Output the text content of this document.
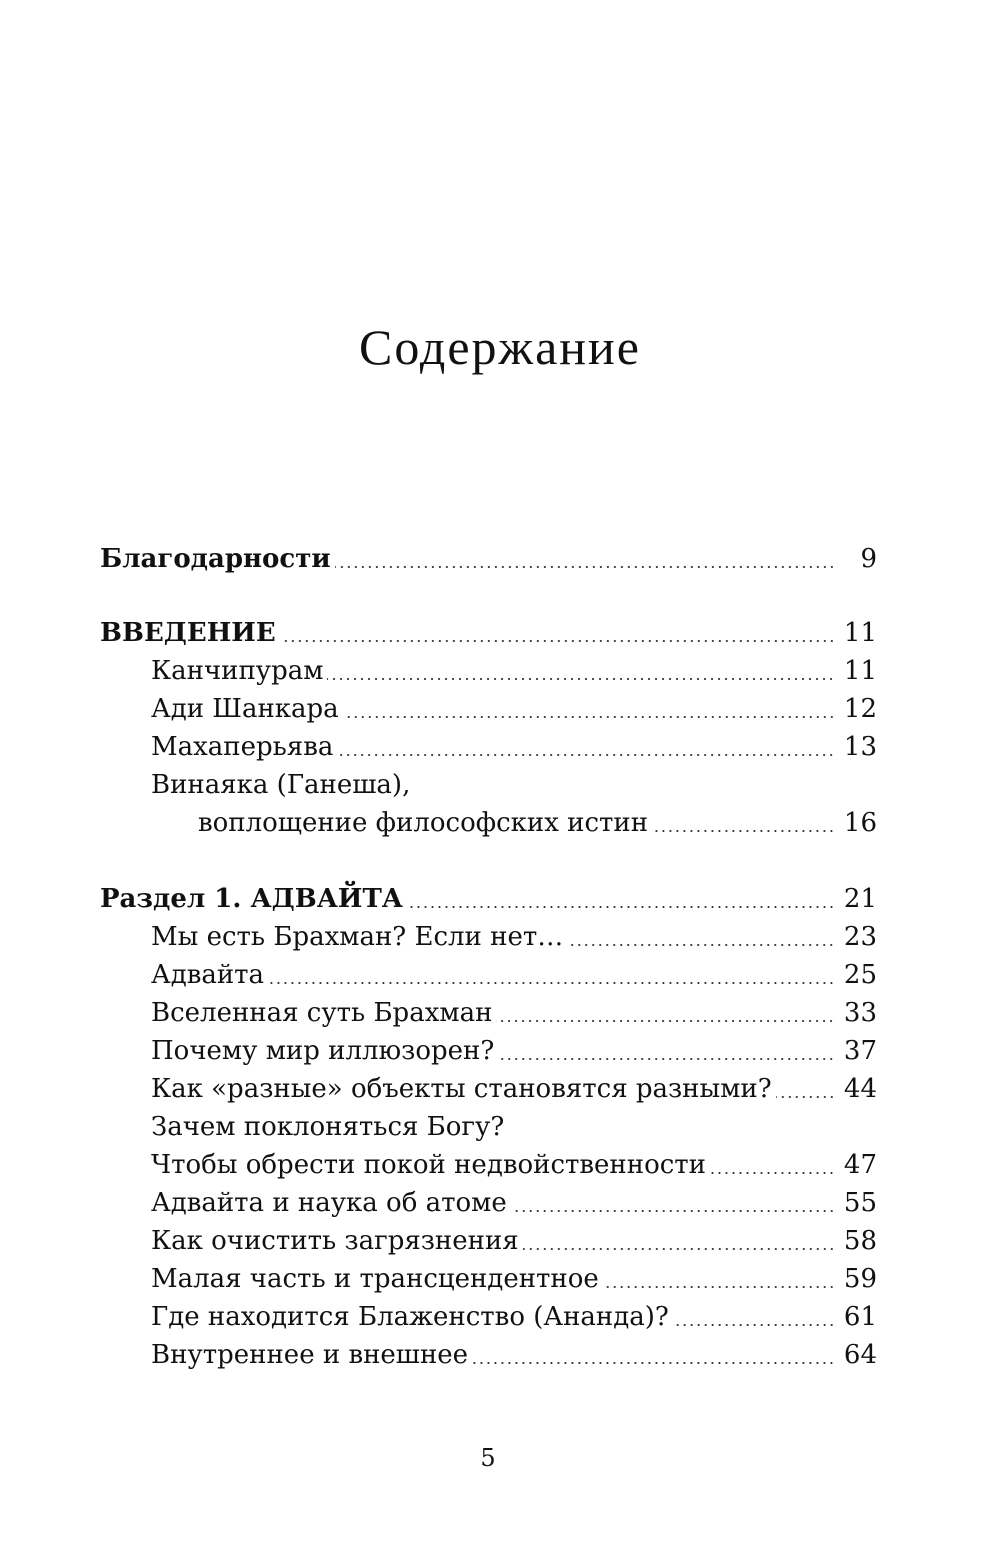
Содержание
Благодарности	9
ВВЕДЕНИЕ	11
Канчипурам	11
Ади Шанкара	12
Махаперьява	13
Винаяка (Ганеша),
воплощение философских истин	16
Раздел 1. АДВАЙТА	21
Мы есть Брахман? Если нет…	23
Адвайта	25
Вселенная суть Брахман	33
Почему мир иллюзорен?	37
Как «разные» объекты становятся разными?	44
Зачем поклоняться Богу?
Чтобы обрести покой недвойственности	47
Адвайта и наука об атоме	55
Как очистить загрязнения	58
Малая часть и трансцендентное	59
Где находится Блаженство (Ананда)?	61
Внутреннее и внешнее	64
5
